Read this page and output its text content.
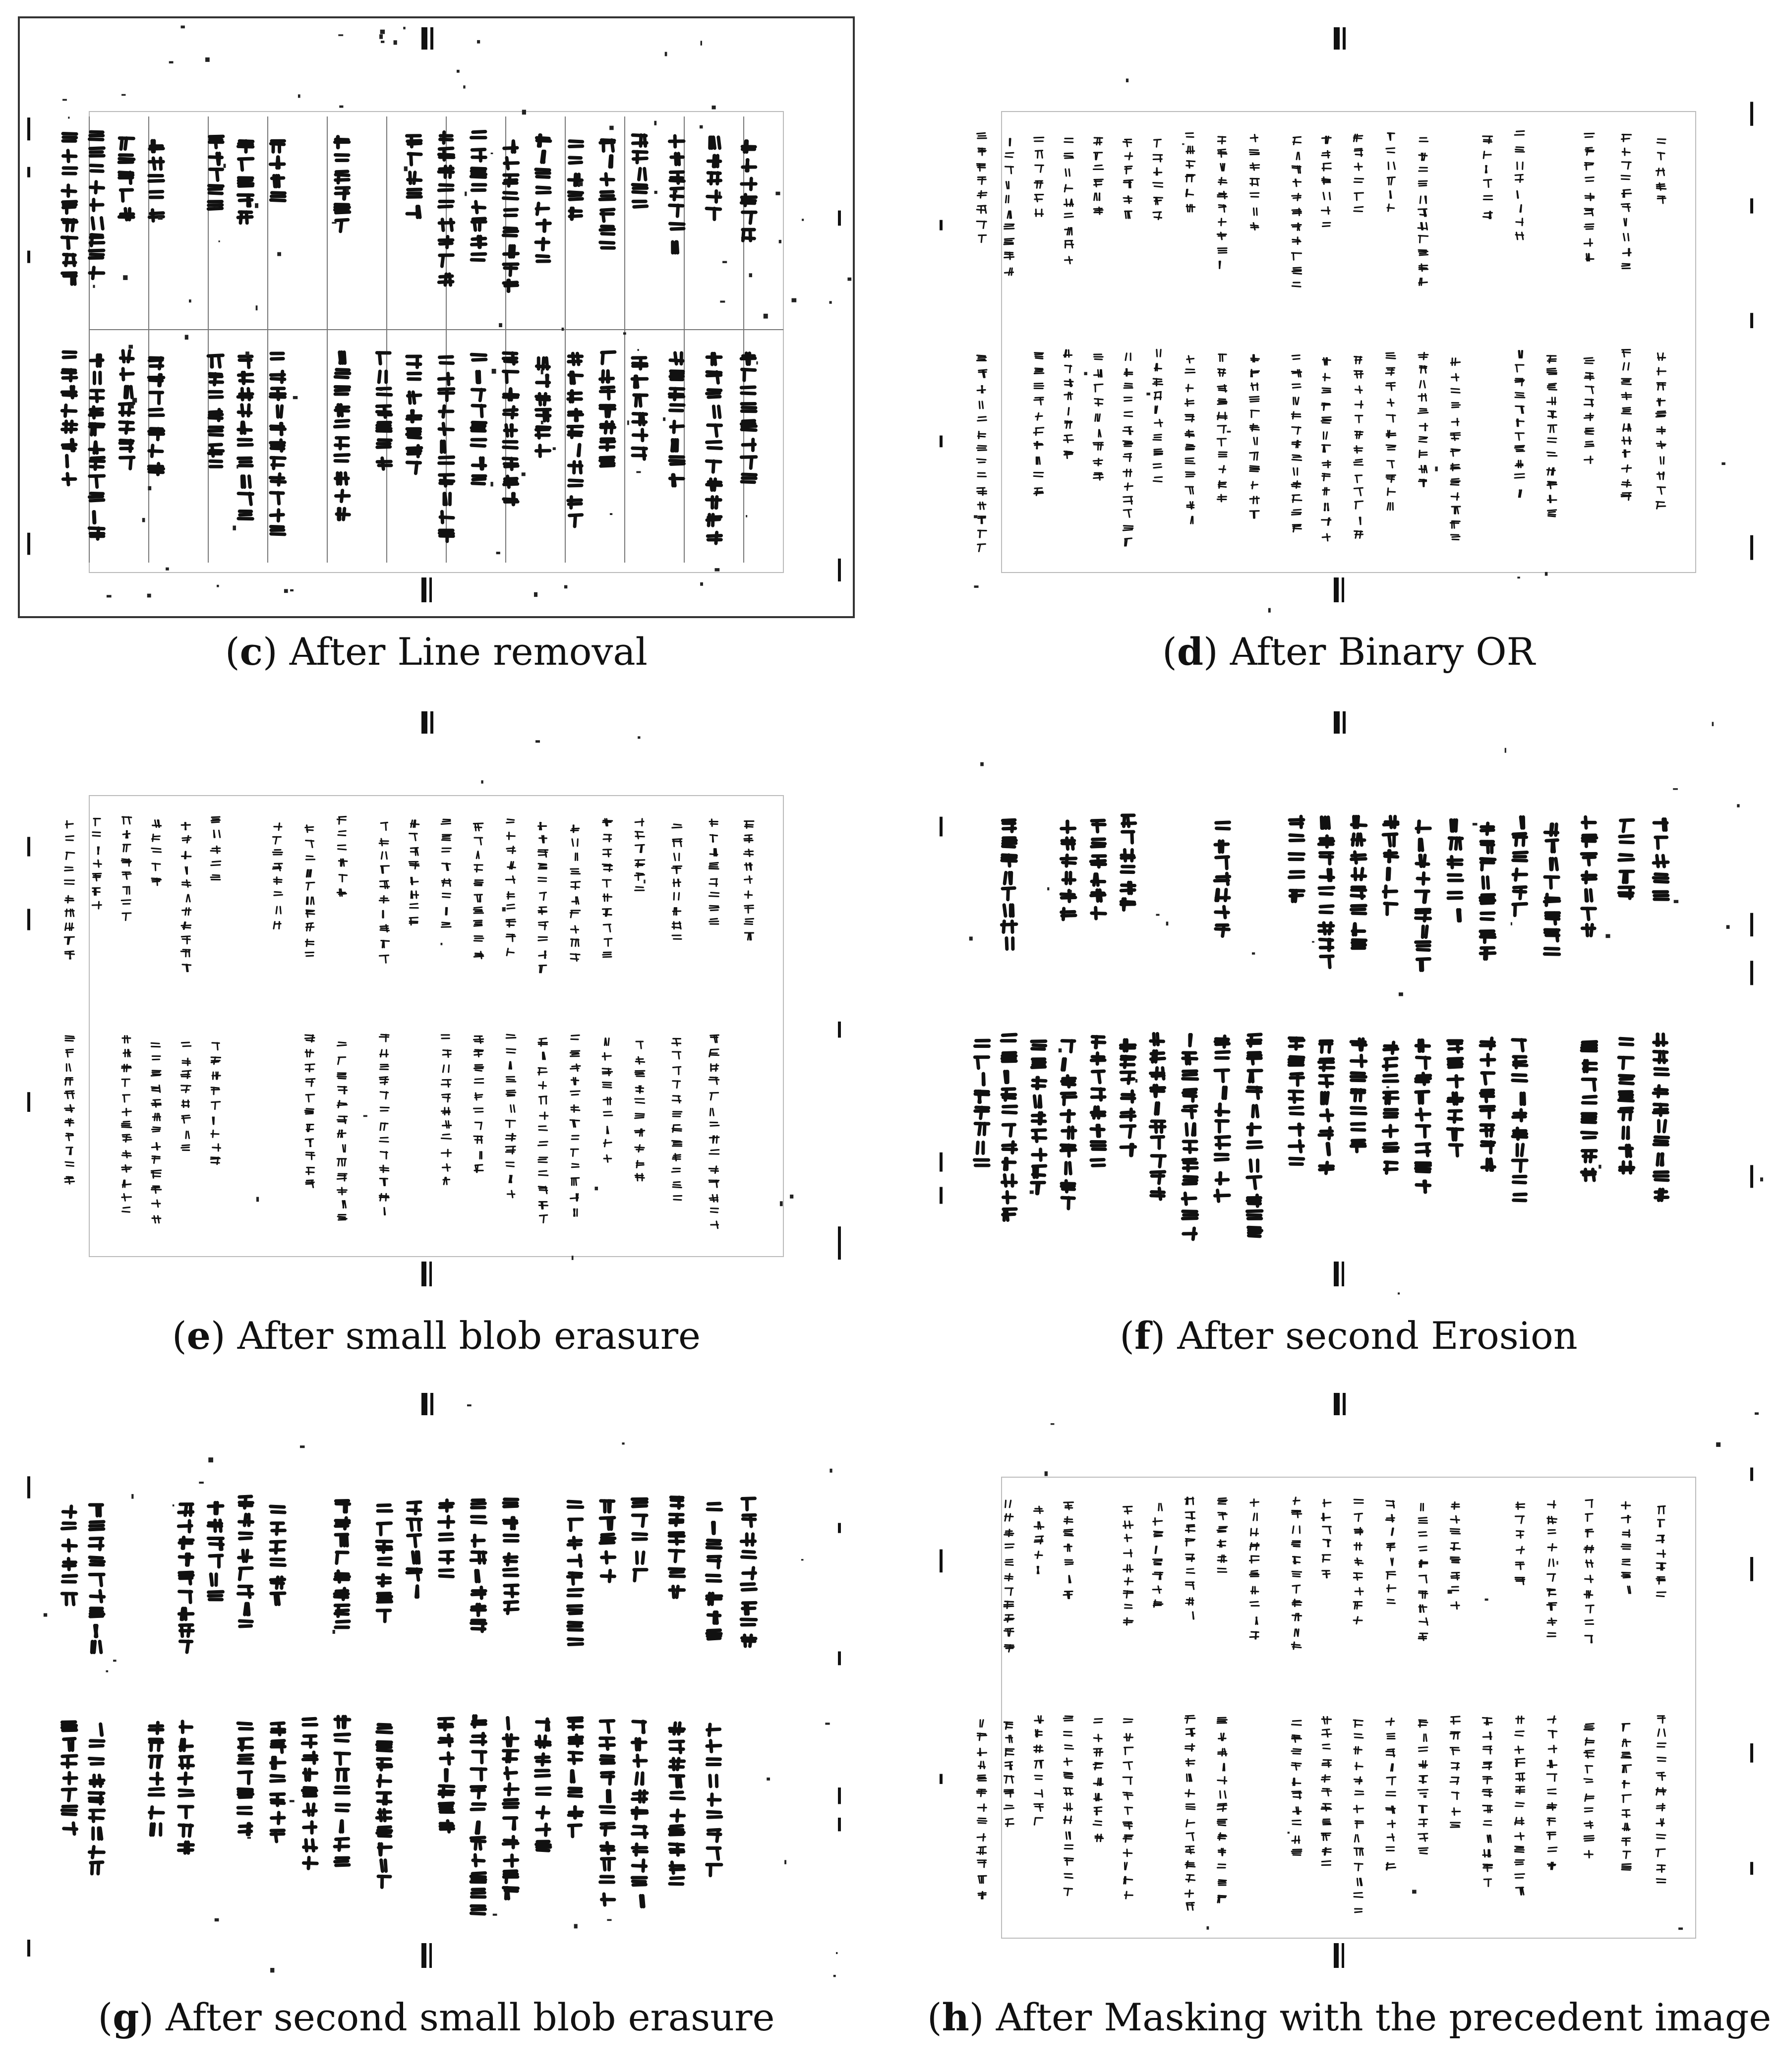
(c) After Line removal	(d) After Binary OR
(e) After small blob erasure	(f) After second Erosion
(g) After second small blob erasure	(h) After Masking with the precedent image
